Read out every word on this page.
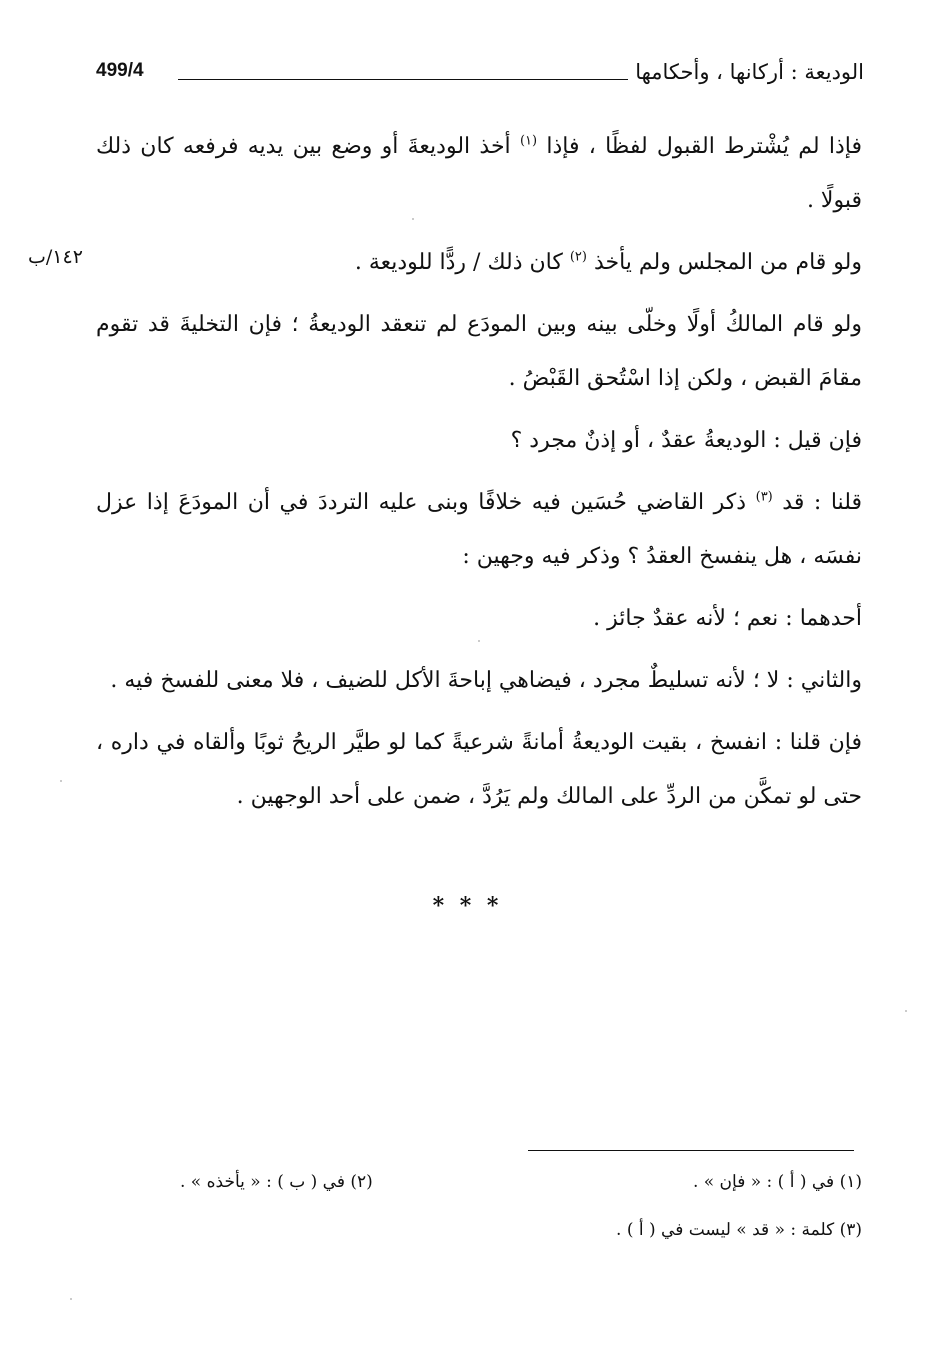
الوديعة : أركانها ، وأحكامها
499/4
١٤٢/ب

فإذا لم يُشْترط القبول لفظًا ، فإذا $^{(١)}$ أخذ الوديعةَ أو وضع بين يديه فرفعه كان ذلك قبولًا .

ولو قام من المجلس ولم يأخذ $^{(٢)}$ كان ذلك / ردًّا للوديعة .

ولو قام المالكُ أولًا وخلّى بينه وبين المودَع لم تنعقد الوديعةُ ؛ فإن التخليةَ قد تقوم مقامَ القبض ، ولكن إذا اسْتُحق القَبْضُ .

فإن قيل : الوديعةُ عقدٌ ، أو إذنٌ مجرد ؟

قلنا : قد $^{(٣)}$ ذكر القاضي حُسَين فيه خلافًا وبنى عليه الترددَ في أن المودَعَ إذا عزل نفسَه ، هل ينفسخ العقدُ ؟ وذكر فيه وجهين :

أحدهما : نعم ؛ لأنه عقدٌ جائز .

والثاني : لا ؛ لأنه تسليطٌ مجرد ، فيضاهي إباحةَ الأكل للضيف ، فلا معنى للفسخ فيه .

فإن قلنا : انفسخ ، بقيت الوديعةُ أمانةً شرعيةً كما لو طيَّر الريحُ ثوبًا وألقاه في داره ، حتى لو تمكَّن من الردِّ على المالك ولم يَرُدَّ ، ضمن على أحد الوجهين .

* * *
(١) في ( أ ) : « فإن » .
(٢) في ( ب ) : « يأخذه » .
(٣) كلمة : « قد » ليست في ( أ ) .
